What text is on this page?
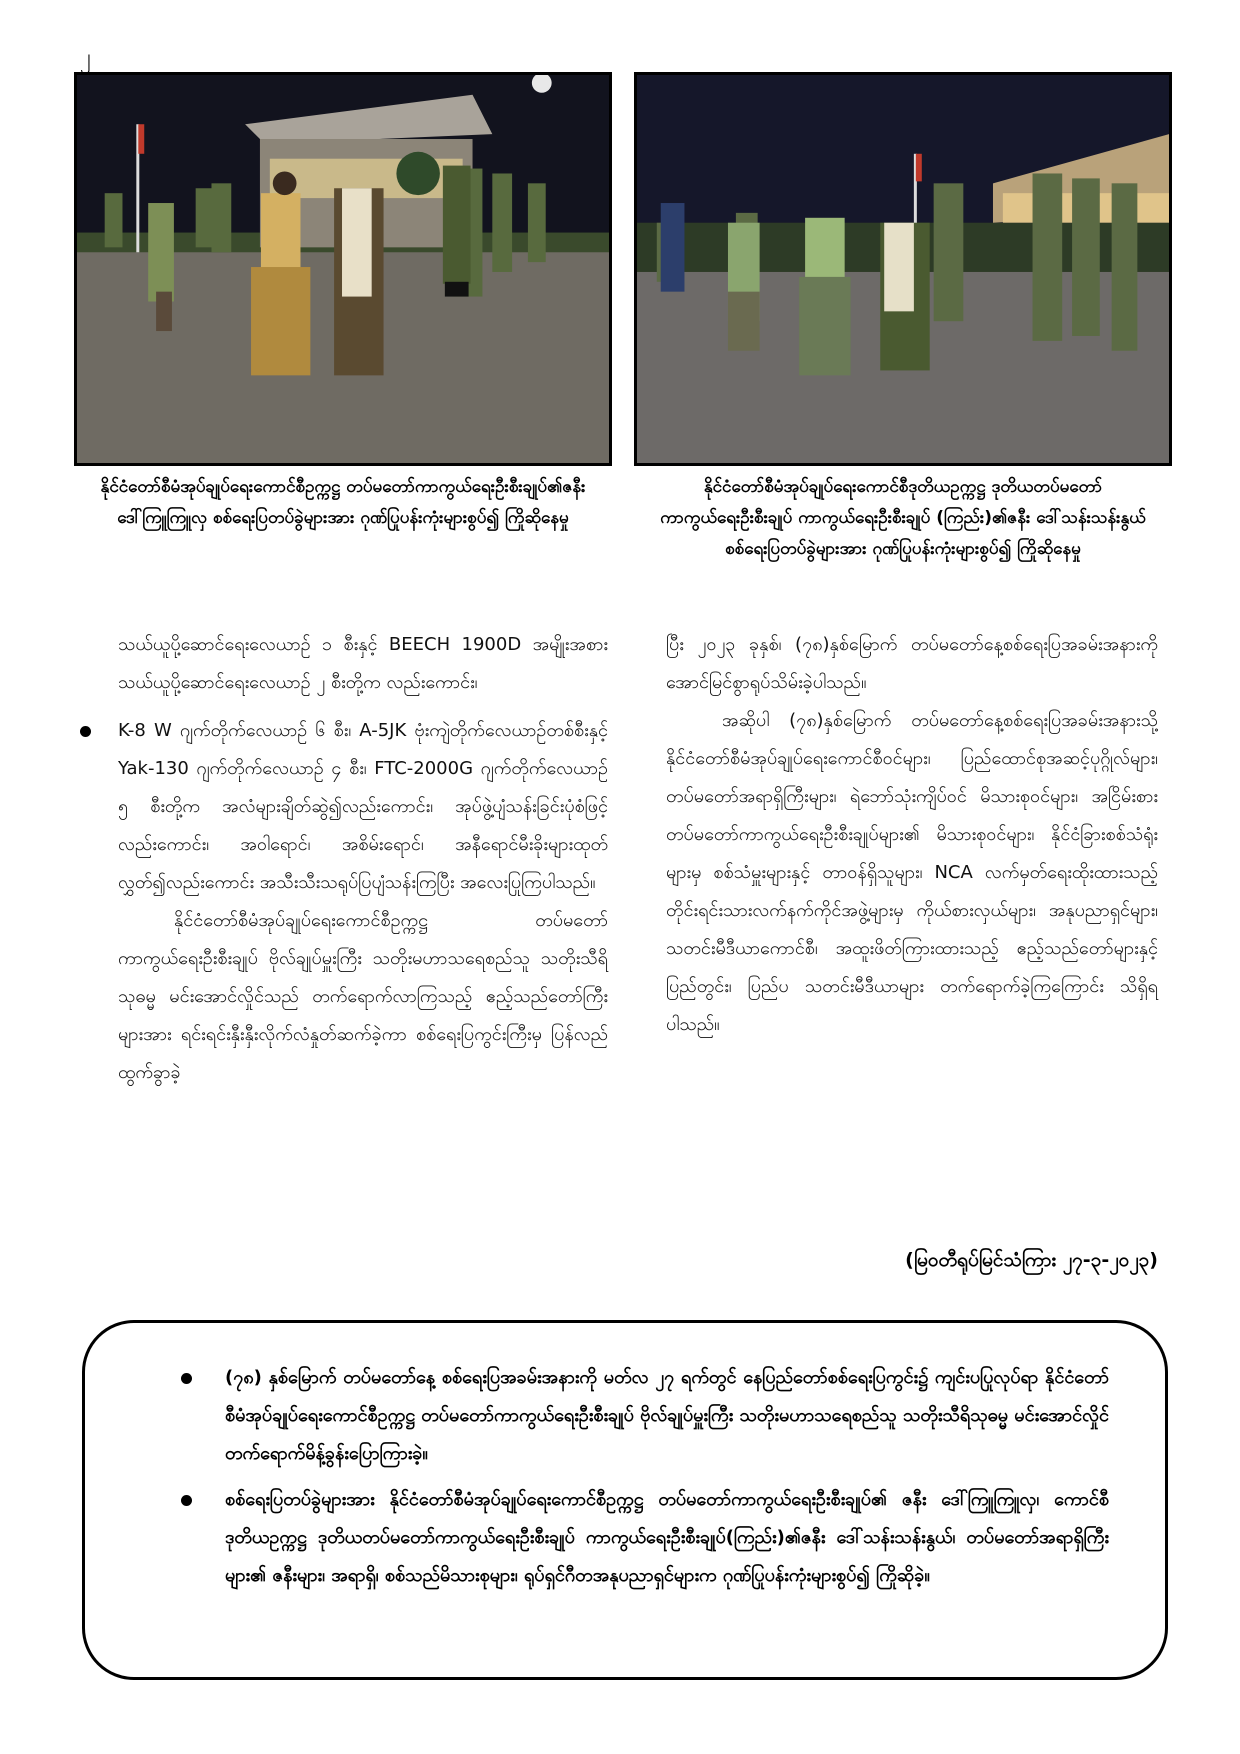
၂
နိုင်ငံတော်စီမံအုပ်ချုပ်ရေးကောင်စီဥက္ကဋ္ဌ တပ်မတော်ကာကွယ်ရေးဦးစီးချုပ်၏ဇနီး ဒေါ်ကြူကြူလှ စစ်ရေးပြတပ်ခွဲများအား ဂုဏ်ပြုပန်းကုံးများစွပ်၍ ကြိုဆိုနေမှု
နိုင်ငံတော်စီမံအုပ်ချုပ်ရေးကောင်စီဒုတိယဥက္ကဋ္ဌ ဒုတိယတပ်မတော်ကာကွယ်ရေးဦးစီးချုပ် ကာကွယ်ရေးဦးစီးချုပ် (ကြည်း)၏ဇနီး ဒေါ်သန်းသန်းနွယ် စစ်ရေးပြတပ်ခွဲများအား ဂုဏ်ပြုပန်းကုံးများစွပ်၍ ကြိုဆိုနေမှု

သယ်ယူပို့ဆောင်ရေးလေယာဉ် ၁ စီးနှင့် BEECH 1900D အမျိုးအစား သယ်ယူပို့ဆောင်ရေးလေယာဉ် ၂ စီးတို့က လည်းကောင်း၊

K-8 W ဂျက်တိုက်လေယာဉ် ၆ စီး၊ A-5JK ဗုံးကျဲတိုက်လေယာဉ်တစ်စီးနှင့် Yak-130 ဂျက်တိုက်လေယာဉ် ၄ စီး၊ FTC-2000G ဂျက်တိုက်လေယာဉ် ၅ စီးတို့က အလံများချိတ်ဆွဲ၍လည်းကောင်း၊ အုပ်ဖွဲ့ပျံသန်းခြင်းပုံစံဖြင့်လည်းကောင်း၊ အဝါရောင်၊ အစိမ်းရောင်၊ အနီရောင်မီးခိုးများထုတ်လွှတ်၍လည်းကောင်း အသီးသီးသရုပ်ပြပျံသန်းကြပြီး အလေးပြုကြပါသည်။

နိုင်ငံတော်စီမံအုပ်ချုပ်ရေးကောင်စီဥက္ကဋ္ဌ တပ်မတော်ကာကွယ်ရေးဦးစီးချုပ် ဗိုလ်ချုပ်မှူးကြီး သတိုးမဟာသရေစည်သူ သတိုးသီရိသုဓမ္မ မင်းအောင်လှိုင်သည် တက်ရောက်လာကြသည့် ဧည့်သည်တော်ကြီးများအား ရင်းရင်းနှီးနှီးလိုက်လံနှုတ်ဆက်ခဲ့ကာ စစ်ရေးပြကွင်းကြီးမှ ပြန်လည်ထွက်ခွာခဲ့

ပြီး ၂၀၂၃ ခုနှစ်၊ (၇၈)နှစ်မြောက် တပ်မတော်နေ့စစ်ရေးပြအခမ်းအနားကို အောင်မြင်စွာရုပ်သိမ်းခဲ့ပါသည်။

အဆိုပါ (၇၈)နှစ်မြောက် တပ်မတော်နေ့စစ်ရေးပြအခမ်းအနားသို့ နိုင်ငံတော်စီမံအုပ်ချုပ်ရေးကောင်စီဝင်များ၊ ပြည်ထောင်စုအဆင့်ပုဂ္ဂိုလ်များ၊ တပ်မတော်အရာရှိကြီးများ၊ ရဲဘော်သုံးကျိပ်ဝင် မိသားစုဝင်များ၊ အငြိမ်းစားတပ်မတော်ကာကွယ်ရေးဦးစီးချုပ်များ၏ မိသားစုဝင်များ၊ နိုင်ငံခြားစစ်သံရုံးများမှ စစ်သံမှူးများနှင့် တာဝန်ရှိသူများ၊ NCA လက်မှတ်ရေးထိုးထားသည့် တိုင်းရင်းသားလက်နက်ကိုင်အဖွဲ့များမှ ကိုယ်စားလှယ်များ၊ အနုပညာရှင်များ၊ သတင်းမီဒီယာကောင်စီ၊ အထူးဖိတ်ကြားထားသည့် ဧည့်သည်တော်များနှင့် ပြည်တွင်း၊ ပြည်ပ သတင်းမီဒီယာများ တက်ရောက်ခဲ့ကြကြောင်း သိရှိရပါသည်။

(မြဝတီရုပ်မြင်သံကြား ၂၇-၃-၂၀၂၃)
(၇၈) နှစ်မြောက် တပ်မတော်နေ့ စစ်ရေးပြအခမ်းအနားကို မတ်လ ၂၇ ရက်တွင် နေပြည်တော်စစ်ရေးပြကွင်း၌ ကျင်းပပြုလုပ်ရာ နိုင်ငံတော်စီမံအုပ်ချုပ်ရေးကောင်စီဥက္ကဋ္ဌ တပ်မတော်ကာကွယ်ရေးဦးစီးချုပ် ဗိုလ်ချုပ်မှူးကြီး သတိုးမဟာသရေစည်သူ သတိုးသီရိသုဓမ္မ မင်းအောင်လှိုင် တက်ရောက်မိန့်ခွန်းပြောကြားခဲ့။
စစ်ရေးပြတပ်ခွဲများအား နိုင်ငံတော်စီမံအုပ်ချုပ်ရေးကောင်စီဥက္ကဋ္ဌ တပ်မတော်ကာကွယ်ရေးဦးစီးချုပ်၏ ဇနီး ဒေါ်ကြူကြူလှ၊ ကောင်စီဒုတိယဥက္ကဋ္ဌ ဒုတိယတပ်မတော်ကာကွယ်ရေးဦးစီးချုပ် ကာကွယ်ရေးဦးစီးချုပ်(ကြည်း)၏ဇနီး ဒေါ်သန်းသန်းနွယ်၊ တပ်မတော်အရာရှိကြီးများ၏ ဇနီးများ၊ အရာရှိ၊ စစ်သည်မိသားစုများ၊ ရုပ်ရှင်ဂီတအနုပညာရှင်များက ဂုဏ်ပြုပန်းကုံးများစွပ်၍ ကြိုဆိုခဲ့။
